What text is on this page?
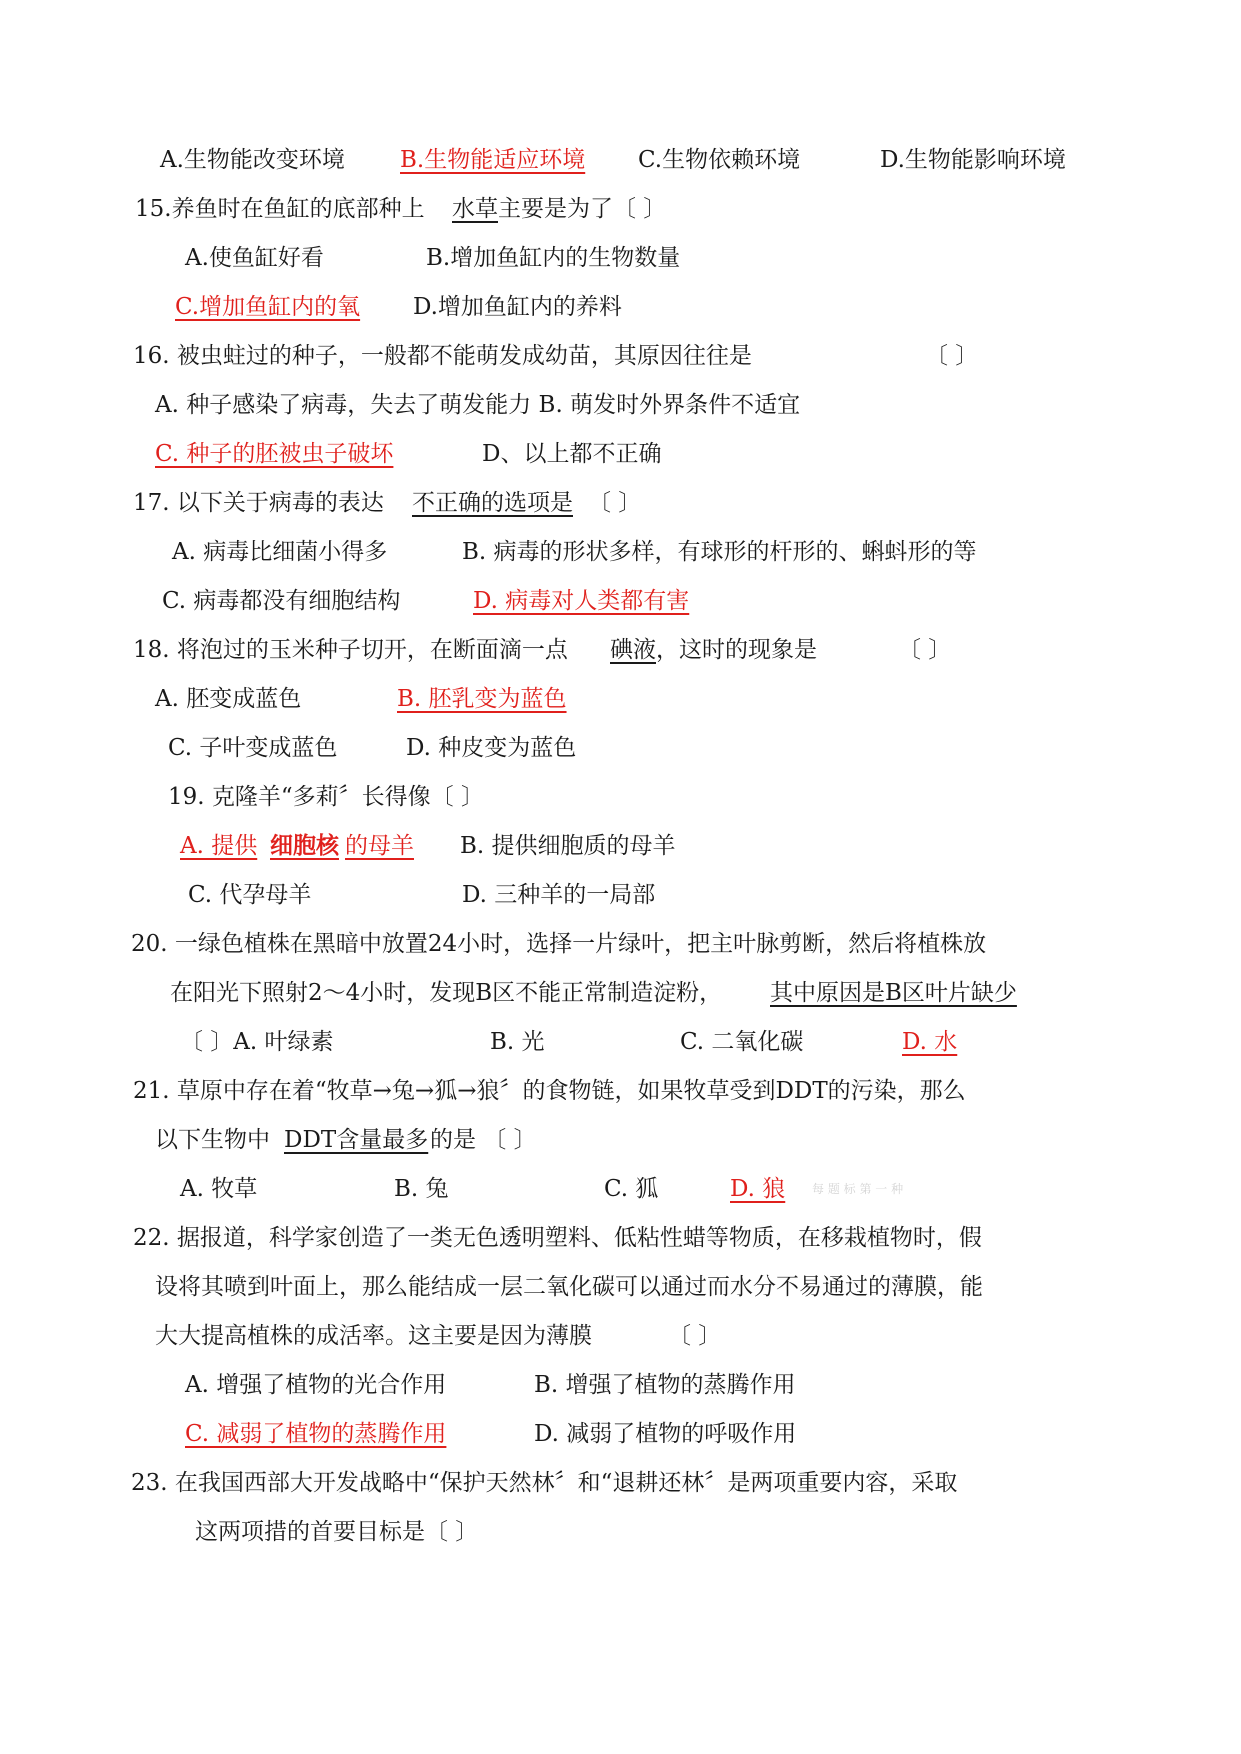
A.生物能改变环境 B.生物能适应环境 C.生物依赖环境	D.生物能影响环境
15.养鱼时在鱼缸的底部种上 水草 主要是为了〔 〕
A.使鱼缸好看	B.增加鱼缸内的生物数量
C.增加鱼缸内的氧 D.增加鱼缸内的养料
16. 被虫蛀过的种子，一般都不能萌发成幼苗，其原因往往是	〔 〕
A. 种子感染了病毒，失去了萌发能力 B. 萌发时外界条件不适宜
C. 种子的胚被虫子破坏	D、以上都不正确
17. 以下关于病毒的表达 不正确的选项是 〔 〕
A. 病毒比细菌小得多	B. 病毒的形状多样，有球形的杆形的、蝌蚪形的等
C. 病毒都没有细胞结构	D. 病毒对人类都有害
18. 将泡过的玉米种子切开，在断面滴一点 碘液 ，这时的现象是	〔 〕
A. 胚变成蓝色	B. 胚乳变为蓝色
C. 子叶变成蓝色	D. 种皮变为蓝色
19. 克隆羊“多莉〞长得像〔 〕
A. 提供 细胞核 的母羊 B. 提供细胞质的母羊
C. 代孕母羊	D. 三种羊的一局部
20. 一绿色植株在黑暗中放置24小时，选择一片绿叶，把主叶脉剪断，然后将植株放
在阳光下照射2～4小时，发现B区不能正常制造淀粉， 其中原因是B区叶片缺少
〔 〕A. 叶绿素	B. 光	C. 二氧化碳	D. 水
21. 草原中存在着“牧草→兔→狐→狼〞的食物链，如果牧草受到DDT的污染，那么
以下生物中 DDT含量最多 的是 〔 〕
A. 牧草	B. 兔	C. 狐	D. 狼 每 题 标 第 一 种
22. 据报道，科学家创造了一类无色透明塑料、低粘性蜡等物质，在移栽植物时，假
设将其喷到叶面上，那么能结成一层二氧化碳可以通过而水分不易通过的薄膜，能
大大提高植株的成活率。这主要是因为薄膜	〔 〕
A. 增强了植物的光合作用	B. 增强了植物的蒸腾作用
C. 减弱了植物的蒸腾作用	D. 减弱了植物的呼吸作用
23. 在我国西部大开发战略中“保护天然林〞和“退耕还林〞是两项重要内容，采取
这两项措的首要目标是〔 〕
